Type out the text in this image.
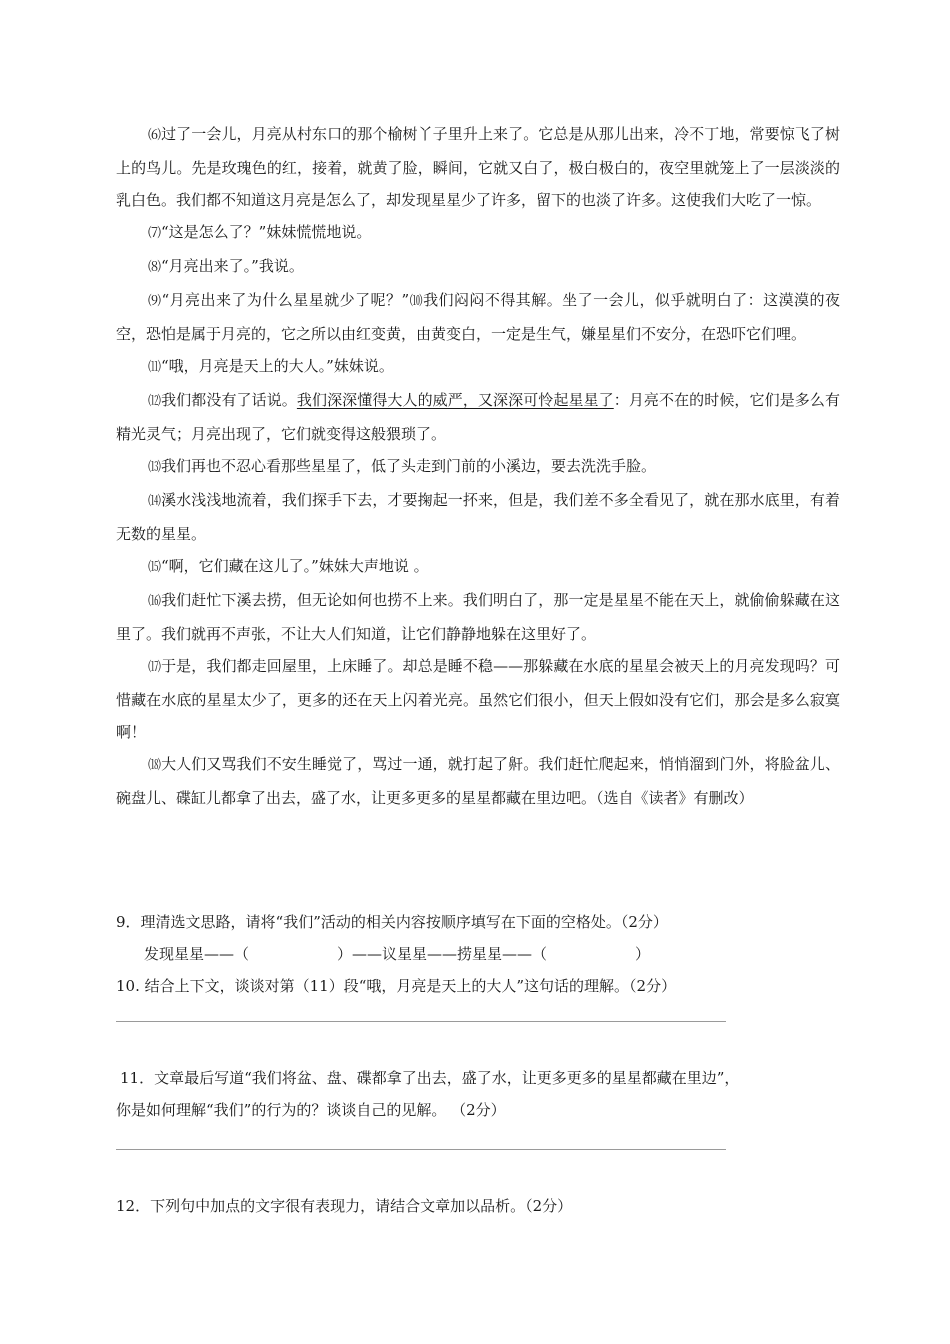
⑹过了一会儿，月亮从村东口的那个榆树丫子里升上来了。它总是从那儿出来，冷不丁地，常要惊飞了树上的鸟儿。先是玫瑰色的红，接着，就黄了脸，瞬间，它就又白了，极白极白的，夜空里就笼上了一层淡淡的乳白色。我们都不知道这月亮是怎么了，却发现星星少了许多，留下的也淡了许多。这使我们大吃了一惊。

⑺“这是怎么了？”妹妹慌慌地说。

⑻“月亮出来了。”我说。

⑼“月亮出来了为什么星星就少了呢？”⑽我们闷闷不得其解。坐了一会儿，似乎就明白了：这漠漠的夜空，恐怕是属于月亮的，它之所以由红变黄，由黄变白，一定是生气，嫌星星们不安分，在恐吓它们哩。

⑾“哦，月亮是天上的大人。”妹妹说。

⑿我们都没有了话说。我们深深懂得大人的威严，又深深可怜起星星了：月亮不在的时候，它们是多么有精光灵气；月亮出现了，它们就变得这般猥琐了。

⒀我们再也不忍心看那些星星了，低了头走到门前的小溪边，要去洗洗手脸。

⒁溪水浅浅地流着，我们探手下去，才要掬起一抔来，但是，我们差不多全看见了，就在那水底里，有着无数的星星。

⒂“啊，它们藏在这儿了。”妹妹大声地说 。

⒃我们赶忙下溪去捞，但无论如何也捞不上来。我们明白了，那一定是星星不能在天上，就偷偷躲藏在这里了。我们就再不声张，不让大人们知道，让它们静静地躲在这里好了。

⒄于是，我们都走回屋里，上床睡了。却总是睡不稳——那躲藏在水底的星星会被天上的月亮发现吗？可惜藏在水底的星星太少了，更多的还在天上闪着光亮。虽然它们很小，但天上假如没有它们，那会是多么寂寞啊！

⒅大人们又骂我们不安生睡觉了，骂过一通，就打起了鼾。我们赶忙爬起来，悄悄溜到门外，将脸盆儿、碗盘儿、碟缸儿都拿了出去，盛了水，让更多更多的星星都藏在里边吧。（选自《读者》有删改）

9．理清选文思路，请将“我们”活动的相关内容按顺序填写在下面的空格处。（2分）

发现星星——（	）——议星星——捞星星——（	）

10. 结合上下文，谈谈对第（11）段“哦，月亮是天上的大人”这句话的理解。（2分）

11．文章最后写道“我们将盆、盘、碟都拿了出去，盛了水，让更多更多的星星都藏在里边”，

你是如何理解“我们”的行为的？谈谈自己的见解。 （2分）

12．下列句中加点的文字很有表现力，请结合文章加以品析。（2分）
